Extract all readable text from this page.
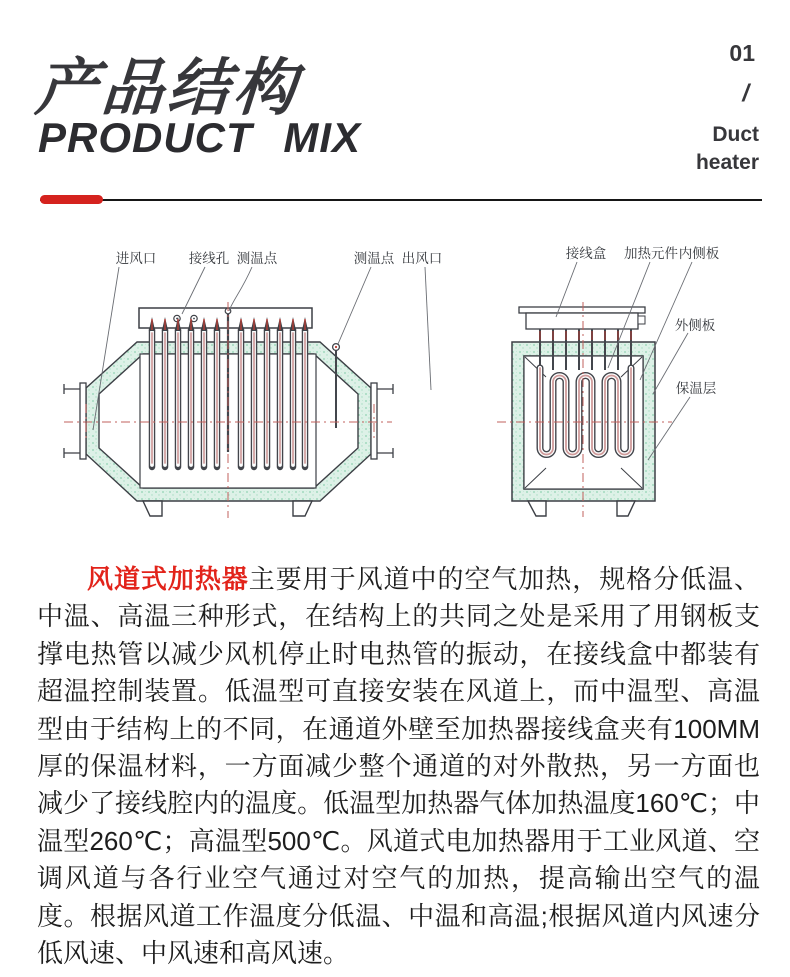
产品结构
PRODUCT MIX
01
/
Duct
heater
进风口 接线孔 测温点	测温点 出风口	接线盒 加热元件 内侧板
外侧板
保温层

风道式加热器主要用于风道中的空气加热，规格分低温、中温、高温三种形式，在结构上的共同之处是采用了用钢板支撑电热管以减少风机停止时电热管的振动，在接线盒中都装有超温控制装置。低温型可直接安装在风道上，而中温型、高温型由于结构上的不同，在通道外壁至加热器接线盒夹有100MM厚的保温材料，一方面减少整个通道的对外散热，另一方面也减少了接线腔内的温度。低温型加热器气体加热温度160℃；中温型260℃；高温型500℃。风道式电加热器用于工业风道、空调风道与各行业空气通过对空气的加热，提高输出空气的温度。根据风道工作温度分低温、中温和高温;根据风道内风速分低风速、中风速和高风速。
